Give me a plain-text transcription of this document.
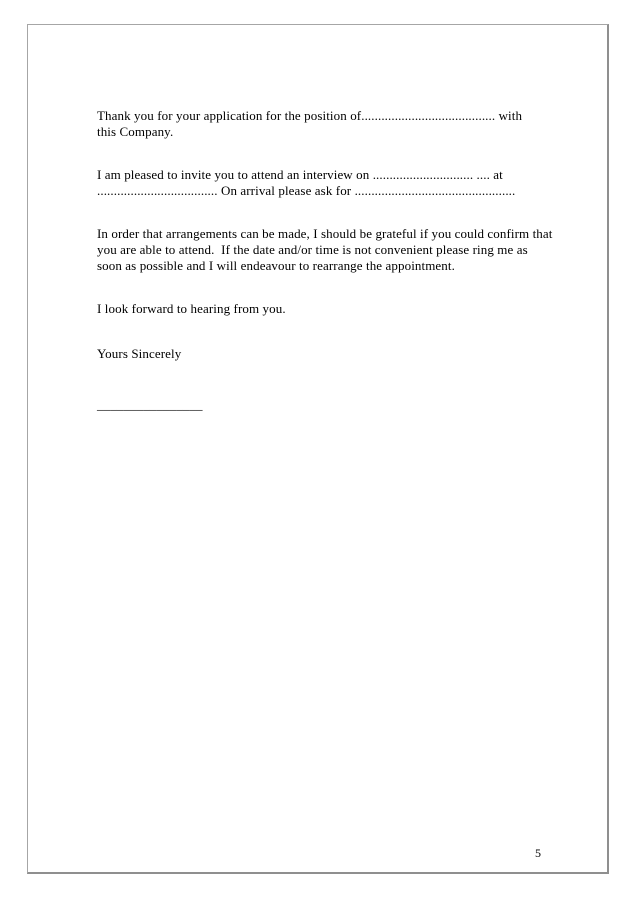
Thank you for your application for the position of........................................ with
this Company.
I am pleased to invite you to attend an interview on .............................. .... at
.................................... On arrival please ask for ................................................
In order that arrangements can be made, I should be grateful if you could confirm that
you are able to attend.  If the date and/or time is not convenient please ring me as
soon as possible and I will endeavour to rearrange the appointment.
I look forward to hearing from you.
Yours Sincerely
________________
5
